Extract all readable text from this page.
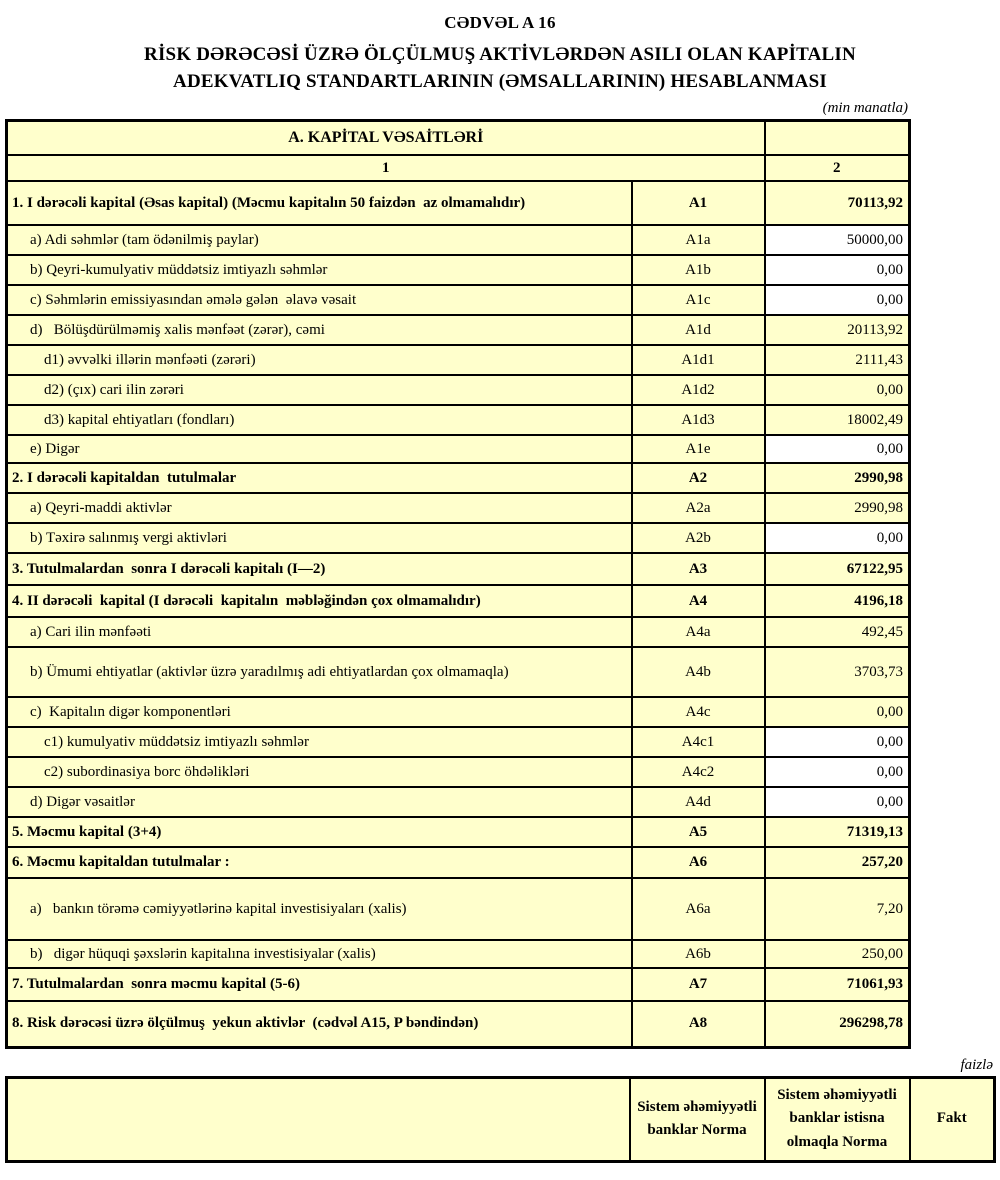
CƏDVƏL A 16
RİSK DƏRƏCƏSİ ÜZRƏ ÖLÇÜLMUŞ AKTİVLƏRDƏN ASILI OLAN KAPİTALIN
ADEKVATLIQ STANDARTLARININ (ƏMSALLARININ) HESABLANMASI
(min manatla)
A. KAPİTAL VƏSAİTLƏRİ		
1		2
1. I dərəcəli kapital (Əsas kapital) (Məcmu kapitalın 50 faizdən  az olmamalıdır)	A1	70113,92
a) Adi səhmlər (tam ödənilmiş paylar)	A1a	50000,00
b) Qeyri-kumulyativ müddətsiz imtiyazlı səhmlər	A1b	0,00
c) Səhmlərin emissiyasından əmələ gələn  əlavə vəsait	A1c	0,00
d)   Bölüşdürülməmiş xalis mənfəət (zərər), cəmi	A1d	20113,92
d1) əvvəlki illərin mənfəəti (zərəri)	A1d1	2111,43
d2) (çıx) cari ilin zərəri	A1d2	0,00
d3) kapital ehtiyatları (fondları)	A1d3	18002,49
e) Digər	A1e	0,00
2. I dərəcəli kapitaldan  tutulmalar	A2	2990,98
a) Qeyri-maddi aktivlər	A2a	2990,98
b) Təxirə salınmış vergi aktivləri	A2b	0,00
3. Tutulmalardan  sonra I dərəcəli kapitalı (I—2)	A3	67122,95
4. II dərəcəli  kapital (I dərəcəli  kapitalın  məbləğindən çox olmamalıdır)	A4	4196,18
a) Cari ilin mənfəəti	A4a	492,45
b) Ümumi ehtiyatlar (aktivlər üzrə yaradılmış adi ehtiyatlardan çox olmamaqla)	A4b	3703,73
c)  Kapitalın digər komponentləri	A4c	0,00
c1) kumulyativ müddətsiz imtiyazlı səhmlər	A4c1	0,00
c2) subordinasiya borc öhdəlikləri	A4c2	0,00
d) Digər vəsaitlər	A4d	0,00
5. Məcmu kapital (3+4)	A5	71319,13
6. Məcmu kapitaldan tutulmalar :	A6	257,20
a)   bankın törəmə cəmiyyətlərinə kapital investisiyaları (xalis)	A6a	7,20
b)   digər hüquqi şəxslərin kapitalına investisiyalar (xalis)	A6b	250,00
7. Tutulmalardan  sonra məcmu kapital (5-6)	A7	71061,93
8. Risk dərəcəsi üzrə ölçülmuş  yekun aktivlər  (cədvəl A15, P bəndindən)	A8	296298,78
faizlə
	Sistem əhəmiyyətli banklar Norma	Sistem əhəmiyyətli banklar istisna olmaqla Norma	Fakt
